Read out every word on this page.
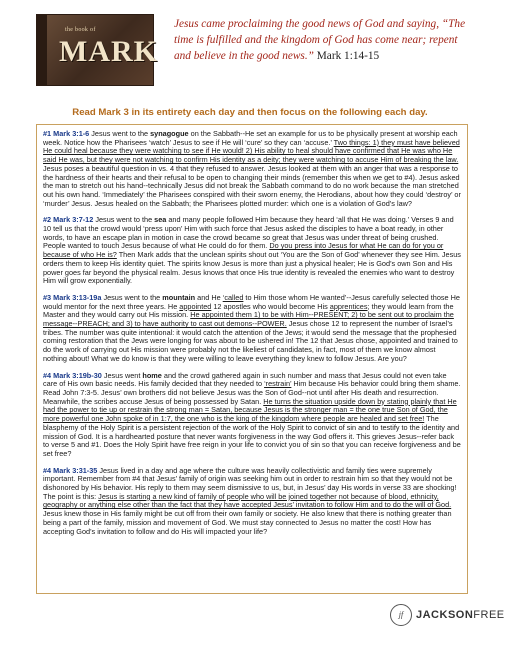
the book of
MARK
Jesus came proclaiming the good news of God and saying, “The time is fulfilled and the kingdom of God has come near; repent and believe in the good news.” Mark 1:14-15
Read Mark 3 in its entirety each day and then focus on the following each day.

#1 Mark 3:1-6 Jesus went to the synagogue on the Sabbath--He set an example for us to be physically present at worship each week. Notice how the Pharisees ‘watch’ Jesus to see if He will ‘cure’ so they can ‘accuse.’ Two things: 1) they must have believed He could heal because they were watching to see if He would! 2) His ability to heal should have confirmed that He was who He said He was, but they were not watching to confirm His identity as a deity; they were watching to accuse Him of breaking the law. Jesus poses a beautiful question in vs. 4 that they refused to answer. Jesus looked at them with an anger that was a response to the hardness of their hearts and their refusal to be open to changing their minds (remember this when we get to #4). Jesus asked the man to stretch out his hand--technically Jesus did not break the Sabbath command to do no work because the man stretched out his own hand. ‘Immediately’ the Pharisees conspired with their sworn enemy, the Herodians, about how they could ‘destroy’ or ‘murder’ Jesus. Jesus healed on the Sabbath; the Pharisees plotted murder: which one is a violation of God’s law?

#2 Mark 3:7-12 Jesus went to the sea and many people followed Him because they heard ‘all that He was doing.’ Verses 9 and 10 tell us that the crowd would ‘press upon’ Him with such force that Jesus asked the disciples to have a boat ready, in other words, to have an escape plan in motion in case the crowd became so great that Jesus was under threat of being crushed. People wanted to touch Jesus because of what He could do for them. Do you press into Jesus for what He can do for you or because of who He is? Then Mark adds that the unclean spirits shout out ‘You are the Son of God’ whenever they see Him. Jesus orders them to keep His identity quiet. The spirits know Jesus is more than just a physical healer; He is God’s own Son and His power goes far beyond the physical realm. Jesus knows that once His true identity is revealed the enemies who want to destroy Him will grow exponentially.

#3 Mark 3:13-19a Jesus went to the mountain and He ‘called to Him those whom He wanted’--Jesus carefully selected those He would mentor for the next three years. He appointed 12 apostles who would become His apprentices; they would learn from the Master and they would carry out His mission. He appointed them 1) to be with Him--PRESENT; 2) to be sent out to proclaim the message--PREACH; and 3) to have authority to cast out demons--POWER. Jesus chose 12 to represent the number of Israel’s tribes. The number was quite intentional: it would catch the attention of the Jews; it would send the message that the prophesied coming restoration that the Jews were longing for was about to be ushered in! The 12 that Jesus chose, appointed and trained to do the work of carrying out His mission were probably not the likeliest of candidates, in fact, most of them we know almost nothing about! What we do know is that they were willing to leave everything they knew to follow Jesus. Are you?

#4 Mark 3:19b-30 Jesus went home and the crowd gathered again in such number and mass that Jesus could not even take care of His own basic needs. His family decided that they needed to ‘restrain’ Him because His behavior could bring them shame. Read John 7:3-5. Jesus’ own brothers did not believe Jesus was the Son of God--not until after His death and resurrection. Meanwhile, the scribes accuse Jesus of being possessed by Satan. He turns the situation upside down by stating plainly that He had the power to tie up or restrain the strong man = Satan, because Jesus is the stronger man = the one true Son of God, the more powerful one John spoke of in 1:7, the one who is the king of the kingdom where people are healed and set free! The blasphemy of the Holy Spirit is a persistent rejection of the work of the Holy Spirit to convict of sin and to testify to the identity and mission of God. It is a hardhearted posture that never wants forgiveness in the way God offers it. This grieves Jesus--refer back to verse 5 and #1. Does the Holy Spirit have free reign in your life to convict you of sin so that you can receive forgiveness and be set free?

#4 Mark 3:31-35 Jesus lived in a day and age where the culture was heavily collectivistic and family ties were supremely important. Remember from #4 that Jesus’ family of origin was seeking him out in order to restrain him so that they would not be dishonored by His behavior. His reply to them may seem dismissive to us, but, in Jesus’ day His words in verse 33 are shocking! The point is this: Jesus is starting a new kind of family of people who will be joined together not because of blood, ethnicity, geography or anything else other than the fact that they have accepted Jesus’ invitation to follow Him and to do the will of God. Jesus knew those in His family might be cut off from their own family or society. He also knew that there is nothing greater than being a part of the family, mission and movement of God. We must stay connected to Jesus no matter the cost! How has accepting God’s invitation to follow and do His will impacted your life?

jf	JACKSONFREE
